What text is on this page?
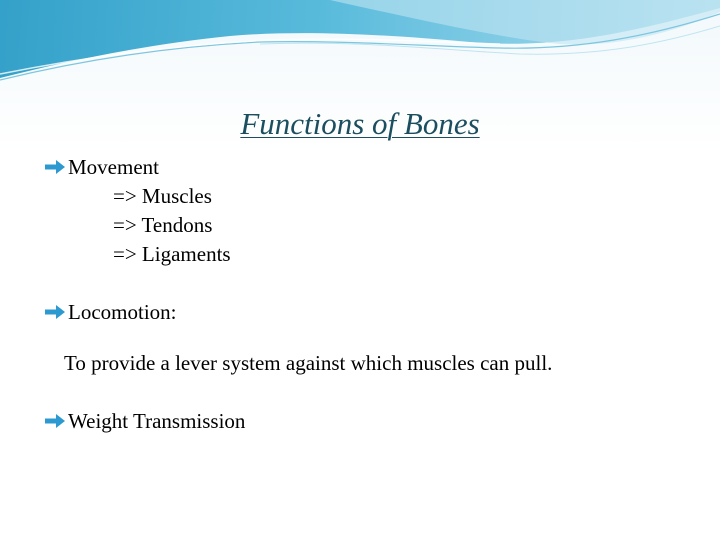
Functions of Bones
Movement
=> Muscles
=> Tendons
=> Ligaments
Locomotion:
To provide a lever system against which muscles can pull.
Weight Transmission
